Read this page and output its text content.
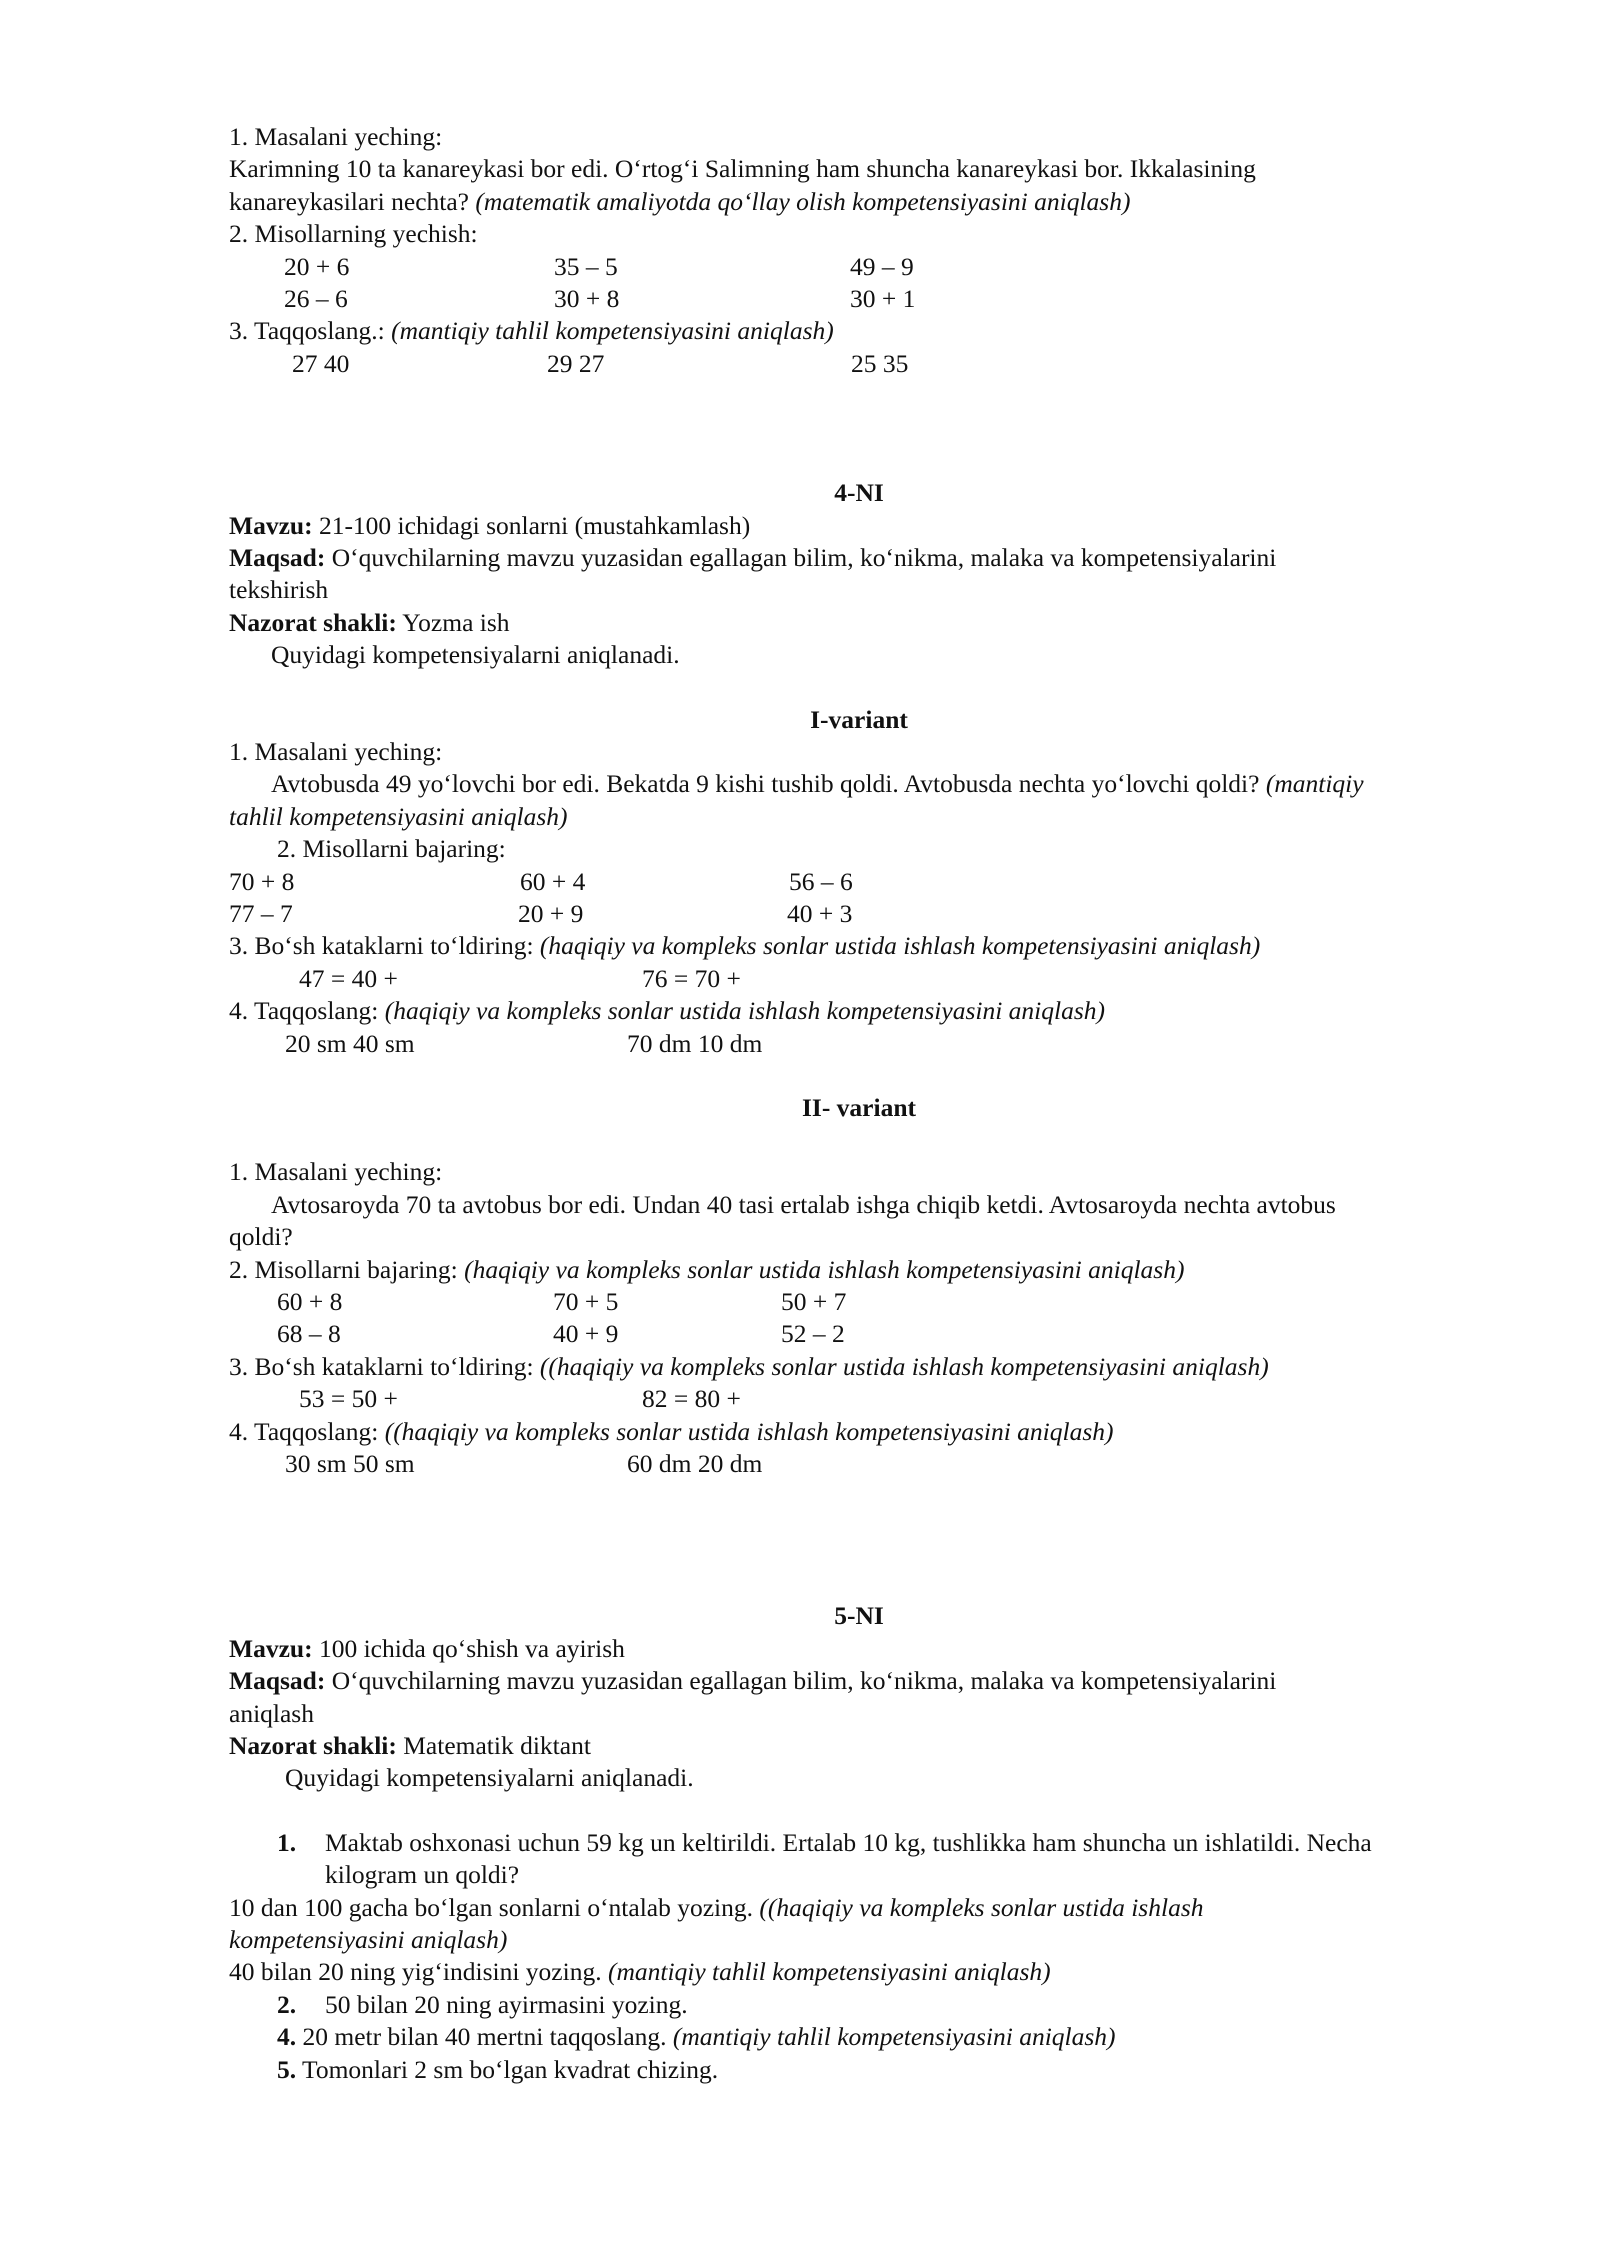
1. Masalani yeching:

Karimning 10 ta kanareykasi bor edi. O‘rtog‘i Salimning ham shuncha kanareykasi bor. Ikkalasining

kanareykasilari nechta? (matematik amaliyotda qo‘llay olish kompetensiyasini aniqlash)

2. Misollarning yechish:

20 + 6	35 – 5	49 – 9
26 – 6	30 + 8	30 + 1

3. Taqqoslang.: (mantiqiy tahlil kompetensiyasini aniqlash)

27 40	29 27	25 35

4-NI

Mavzu: 21-100 ichidagi sonlarni (mustahkamlash)

Maqsad: O‘quvchilarning mavzu yuzasidan egallagan bilim, ko‘nikma, malaka va kompetensiyalarini

tekshirish

Nazorat shakli: Yozma ish

Quyidagi kompetensiyalarni aniqlanadi.

I-variant

1. Masalani yeching:

Avtobusda 49 yo‘lovchi bor edi. Bekatda 9 kishi tushib qoldi. Avtobusda nechta yo‘lovchi qoldi? (mantiqiy

tahlil kompetensiyasini aniqlash)

2. Misollarni bajaring:

70 + 8	60 + 4	56 – 6
77 – 7	20 + 9	40 + 3

3. Bo‘sh kataklarni to‘ldiring: (haqiqiy va kompleks sonlar ustida ishlash kompetensiyasini aniqlash)

47 = 40 +	76 = 70 +

4. Taqqoslang: (haqiqiy va kompleks sonlar ustida ishlash kompetensiyasini aniqlash)

20 sm 40 sm	70 dm 10 dm

II- variant

1. Masalani yeching:

Avtosaroyda 70 ta avtobus bor edi. Undan 40 tasi ertalab ishga chiqib ketdi. Avtosaroyda nechta avtobus

qoldi?

2. Misollarni bajaring: (haqiqiy va kompleks sonlar ustida ishlash kompetensiyasini aniqlash)

60 + 8	70 + 5	50 + 7
68 – 8	40 + 9	52 – 2

3. Bo‘sh kataklarni to‘ldiring: ((haqiqiy va kompleks sonlar ustida ishlash kompetensiyasini aniqlash)

53 = 50 +	82 = 80 +

4. Taqqoslang: ((haqiqiy va kompleks sonlar ustida ishlash kompetensiyasini aniqlash)

30 sm 50 sm	60 dm 20 dm

5-NI

Mavzu: 100 ichida qo‘shish va ayirish

Maqsad: O‘quvchilarning mavzu yuzasidan egallagan bilim, ko‘nikma, malaka va kompetensiyalarini

aniqlash

Nazorat shakli: Matematik diktant

Quyidagi kompetensiyalarni aniqlanadi.

1. Maktab oshxonasi uchun 59 kg un keltirildi. Ertalab 10 kg, tushlikka ham shuncha un ishlatildi. Necha
kilogram un qoldi?

10 dan 100 gacha bo‘lgan sonlarni o‘ntalab yozing. ((haqiqiy va kompleks sonlar ustida ishlash

kompetensiyasini aniqlash)

40 bilan 20 ning yig‘indisini yozing. (mantiqiy tahlil kompetensiyasini aniqlash)

2. 50 bilan 20 ning ayirmasini yozing.

4. 20 metr bilan 40 mertni taqqoslang. (mantiqiy tahlil kompetensiyasini aniqlash)

5. Tomonlari 2 sm bo‘lgan kvadrat chizing.
